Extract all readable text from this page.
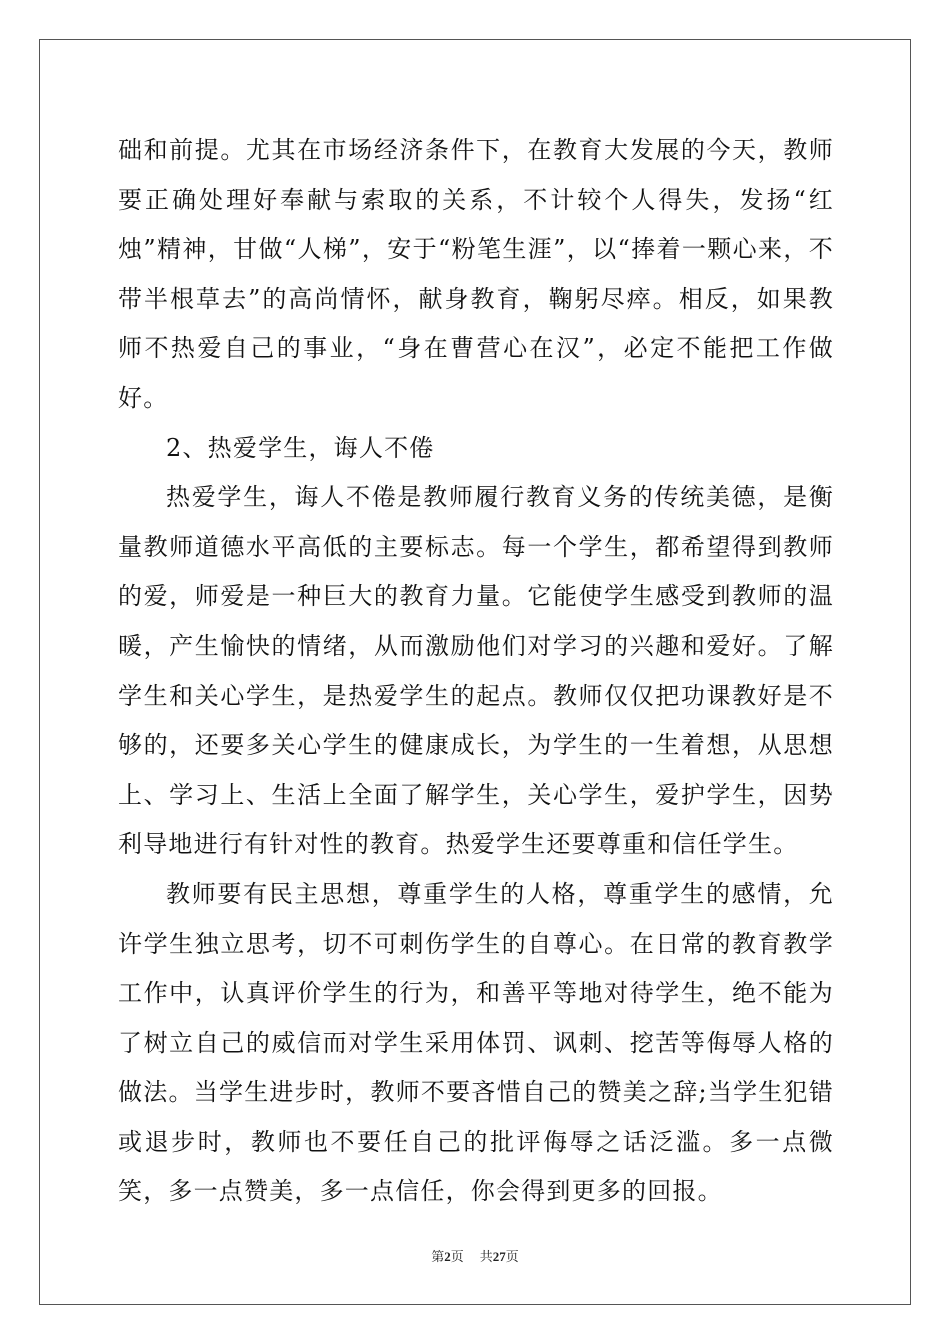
础和前提。尤其在市场经济条件下，在教育大发展的今天，教师要正确处理好奉献与索取的关系，不计较个人得失，发扬“红烛”精神，甘做“人梯”，安于“粉笔生涯”，以“捧着一颗心来，不带半根草去”的高尚情怀，献身教育，鞠躬尽瘁。相反，如果教师不热爱自己的事业，“身在曹营心在汉”，必定不能把工作做好。

2、热爱学生，诲人不倦

热爱学生，诲人不倦是教师履行教育义务的传统美德，是衡量教师道德水平高低的主要标志。每一个学生，都希望得到教师的爱，师爱是一种巨大的教育力量。它能使学生感受到教师的温暖，产生愉快的情绪，从而激励他们对学习的兴趣和爱好。了解学生和关心学生，是热爱学生的起点。教师仅仅把功课教好是不够的，还要多关心学生的健康成长，为学生的一生着想，从思想上、学习上、生活上全面了解学生，关心学生，爱护学生，因势利导地进行有针对性的教育。热爱学生还要尊重和信任学生。

教师要有民主思想，尊重学生的人格，尊重学生的感情，允许学生独立思考，切不可刺伤学生的自尊心。在日常的教育教学工作中，认真评价学生的行为，和善平等地对待学生，绝不能为了树立自己的威信而对学生采用体罚、讽刺、挖苦等侮辱人格的做法。当学生进步时，教师不要吝惜自己的赞美之辞;当学生犯错或退步时，教师也不要任自己的批评侮辱之话泛滥。多一点微笑，多一点赞美，多一点信任，你会得到更多的回报。

第2页 共27页
